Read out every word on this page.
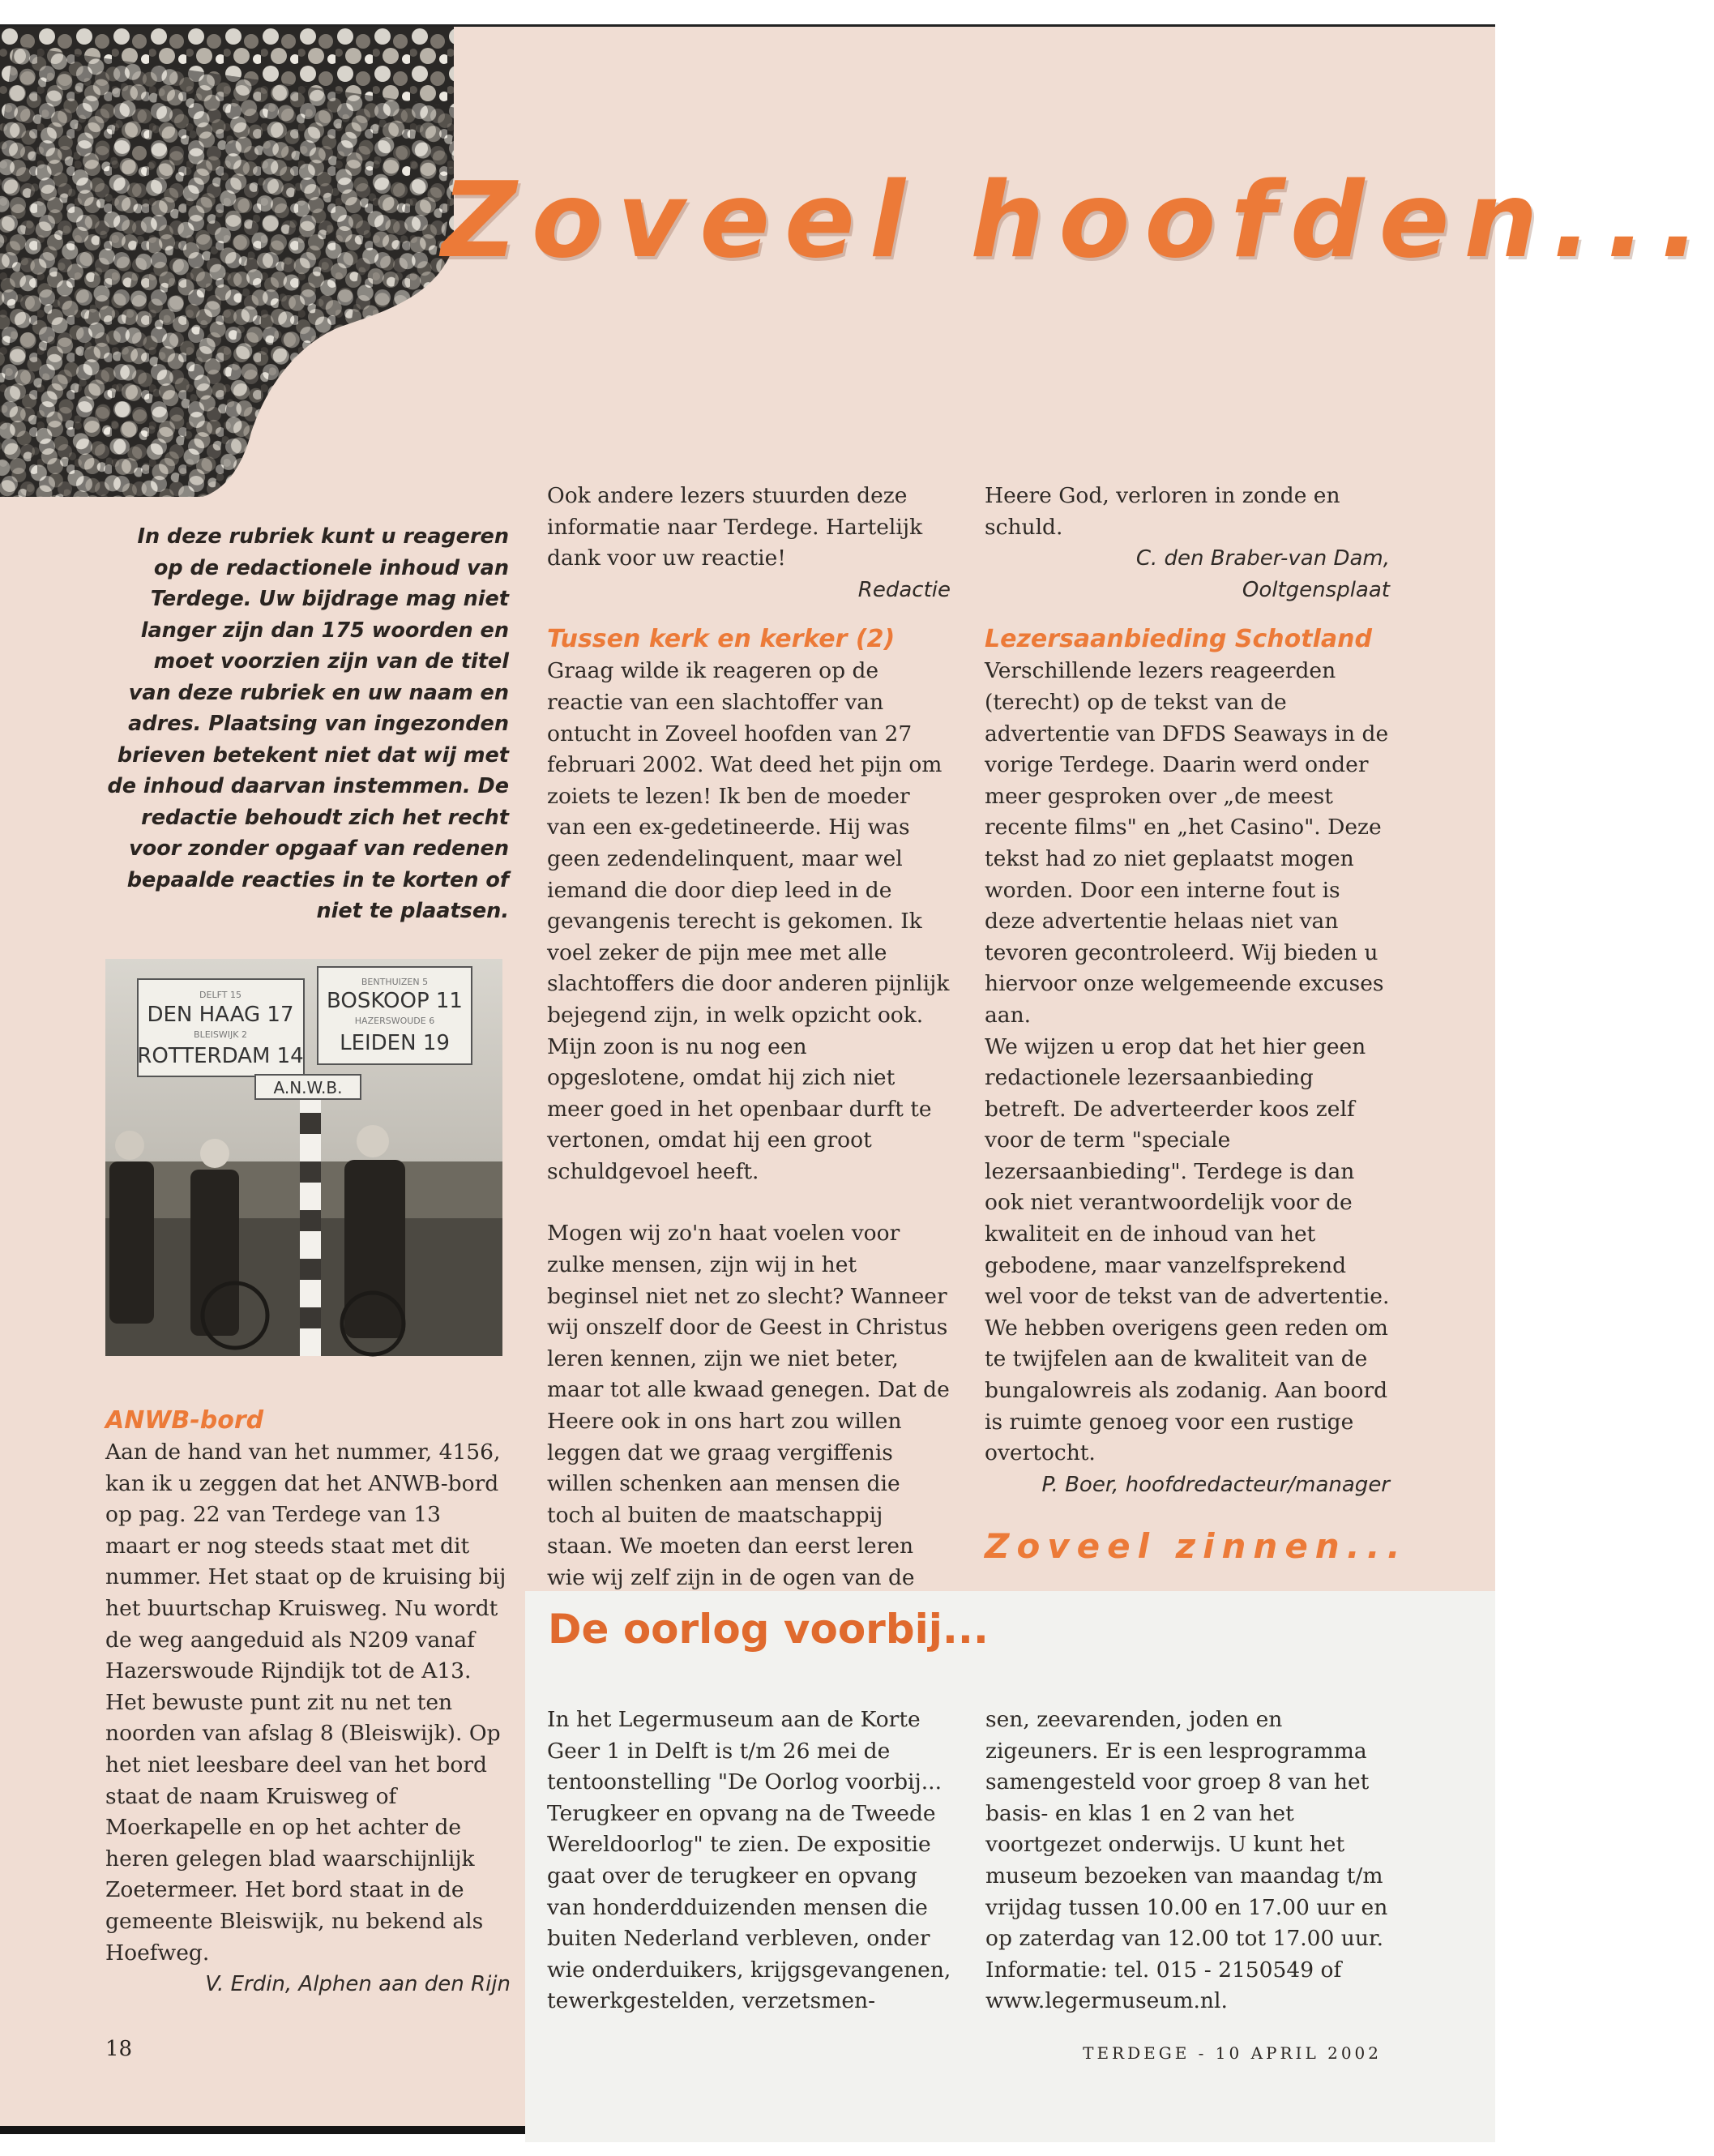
Zoveel hoofden...
In deze rubriek kunt u reageren op de redactionele inhoud van Terdege. Uw bijdrage mag niet langer zijn dan 175 woorden en moet voorzien zijn van de titel van deze rubriek en uw naam en adres. Plaatsing van ingezonden brieven betekent niet dat wij met de inhoud daarvan instemmen. De redactie behoudt zich het recht voor zonder opgaaf van redenen bepaalde reacties in te korten of niet te plaatsen.
DELFT 15
DEN HAAG 17
BLEISWIJK 2
ROTTERDAM 14
BENTHUIZEN 5
BOSKOOP 11
HAZERSWOUDE 6
LEIDEN 19
A.N.W.B.

ANWB-bord

Aan de hand van het nummer, 4156, kan ik u zeggen dat het ANWB-bord op pag. 22 van Terdege van 13 maart er nog steeds staat met dit nummer. Het staat op de kruising bij het buurtschap Kruisweg. Nu wordt de weg aangeduid als N209 vanaf Hazerswoude Rijndijk tot de A13. Het bewuste punt zit nu net ten noorden van afslag 8 (Bleiswijk). Op het niet leesbare deel van het bord staat de naam Kruisweg of Moerkapelle en op het achter de heren gelegen blad waarschijnlijk Zoetermeer. Het bord staat in de gemeente Bleiswijk, nu bekend als Hoefweg.

V. Erdin, Alphen aan den Rijn

Ook andere lezers stuurden deze informatie naar Terdege. Hartelijk dank voor uw reactie!

Redactie

Tussen kerk en kerker (2)

Graag wilde ik reageren op de reactie van een slachtoffer van ontucht in Zoveel hoofden van 27 februari 2002. Wat deed het pijn om zoiets te lezen! Ik ben de moeder van een ex-gedetineerde. Hij was geen zedendelinquent, maar wel iemand die door diep leed in de gevangenis terecht is gekomen. Ik voel zeker de pijn mee met alle slachtoffers die door anderen pijnlijk bejegend zijn, in welk opzicht ook. Mijn zoon is nu nog een opgeslotene, omdat hij zich niet meer goed in het openbaar durft te vertonen, omdat hij een groot schuldgevoel heeft.

Mogen wij zo'n haat voelen voor zulke mensen, zijn wij in het beginsel niet net zo slecht? Wanneer wij onszelf door de Geest in Christus leren kennen, zijn we niet beter, maar tot alle kwaad genegen. Dat de Heere ook in ons hart zou willen leggen dat we graag vergiffenis willen schenken aan mensen die toch al buiten de maatschappij staan. We moeten dan eerst leren wie wij zelf zijn in de ogen van de

Heere God, verloren in zonde en schuld.

C. den Braber-van Dam, Ooltgensplaat

Lezersaanbieding Schotland

Verschillende lezers reageerden (terecht) op de tekst van de advertentie van DFDS Seaways in de vorige Terdege. Daarin werd onder meer gesproken over „de meest recente films" en „het Casino". Deze tekst had zo niet geplaatst mogen worden. Door een interne fout is deze advertentie helaas niet van tevoren gecontroleerd. Wij bieden u hiervoor onze welgemeende excuses aan.

We wijzen u erop dat het hier geen redactionele lezersaanbieding betreft. De adverteerder koos zelf voor de term "speciale lezersaanbieding". Terdege is dan ook niet verantwoordelijk voor de kwaliteit en de inhoud van het gebodene, maar vanzelfsprekend wel voor de tekst van de advertentie. We hebben overigens geen reden om te twijfelen aan de kwaliteit van de bungalowreis als zodanig. Aan boord is ruimte genoeg voor een rustige overtocht.

P. Boer, hoofdredacteur/manager

Zoveel zinnen...
De oorlog voorbij...
In het Legermuseum aan de Korte Geer 1 in Delft is t/m 26 mei de tentoonstelling "De Oorlog voorbij... Terugkeer en opvang na de Tweede Wereldoorlog" te zien. De expositie gaat over de terugkeer en opvang van honderdduizenden mensen die buiten Nederland verbleven, onder wie onderduikers, krijgsgevangenen, tewerkgestelden, verzetsmen-
sen, zeevarenden, joden en zigeuners. Er is een lesprogramma samengesteld voor groep 8 van het basis- en klas 1 en 2 van het voortgezet onderwijs. U kunt het museum bezoeken van maandag t/m vrijdag tussen 10.00 en 17.00 uur en op zaterdag van 12.00 tot 17.00 uur. Informatie: tel. 015 - 2150549 of www.legermuseum.nl.
18	TERDEGE - 10 APRIL 2002
